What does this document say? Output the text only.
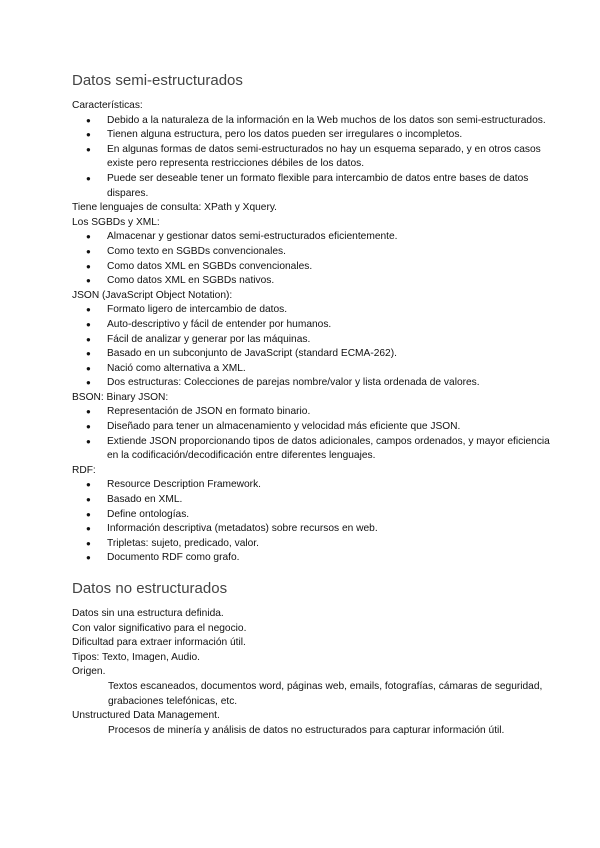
Datos semi-estructurados

Características:

● Debido a la naturaleza de la información en la Web muchos de los datos son semi-estructurados.
● Tienen alguna estructura, pero los datos pueden ser irregulares o incompletos.
● En algunas formas de datos semi-estructurados no hay un esquema separado, y en otros casos existe pero representa restricciones débiles de los datos.
● Puede ser deseable tener un formato flexible para intercambio de datos entre bases de datos dispares.

Tiene lenguajes de consulta: XPath y Xquery.

Los SGBDs y XML:

● Almacenar y gestionar datos semi-estructurados eficientemente.
● Como texto en SGBDs convencionales.
● Como datos XML en SGBDs convencionales.
● Como datos XML en SGBDs nativos.

JSON (JavaScript Object Notation):

● Formato ligero de intercambio de datos.
● Auto-descriptivo y fácil de entender por humanos.
● Fácil de analizar y generar por las máquinas.
● Basado en un subconjunto de JavaScript (standard ECMA-262).
● Nació como alternativa a XML.
● Dos estructuras: Colecciones de parejas nombre/valor y lista ordenada de valores.

BSON: Binary JSON:

● Representación de JSON en formato binario.
● Diseñado para tener un almacenamiento y velocidad más eficiente que JSON.
● Extiende JSON proporcionando tipos de datos adicionales, campos ordenados, y mayor eficiencia en la codificación/decodificación entre diferentes lenguajes.

RDF:

● Resource Description Framework.
● Basado en XML.
● Define ontologías.
● Información descriptiva (metadatos) sobre recursos en web.
● Tripletas: sujeto, predicado, valor.
● Documento RDF como grafo.
Datos no estructurados

Datos sin una estructura definida.

Con valor significativo para el negocio.

Dificultad para extraer información útil.

Tipos: Texto, Imagen, Audio.

Origen.

Textos escaneados, documentos word, páginas web, emails, fotografías, cámaras de seguridad, grabaciones telefónicas, etc.

Unstructured Data Management.

Procesos de minería y análisis de datos no estructurados para capturar información útil.
